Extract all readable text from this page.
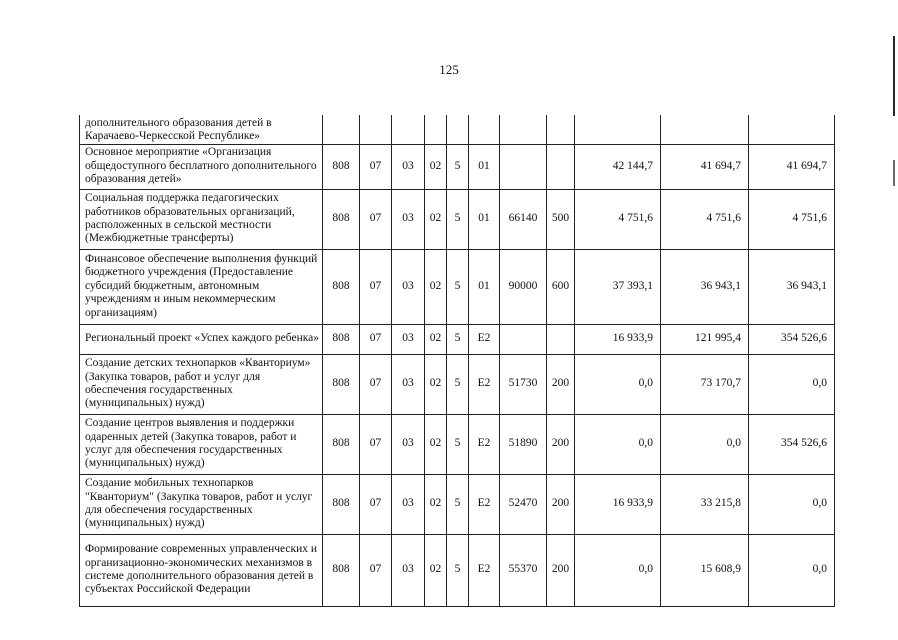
125
дополнительного образования детей в Карачаево-Черкесской Республике»											
Основное мероприятие «Организация общедоступного бесплатного дополнительного образования детей»	808	07	03	02	5	01			42 144,7	41 694,7	41 694,7
Социальная поддержка педагогических работников образовательных организаций, расположенных в сельской местности (Межбюджетные трансферты)	808	07	03	02	5	01	66140	500	4 751,6	4 751,6	4 751,6
Финансовое обеспечение выполнения функций бюджетного учреждения (Предоставление субсидий бюджетным, автономным учреждениям и иным некоммерческим организациям)	808	07	03	02	5	01	90000	600	37 393,1	36 943,1	36 943,1
Региональный проект «Успех каждого ребенка»	808	07	03	02	5	E2			16 933,9	121 995,4	354 526,6
Создание детских технопарков «Кванториум» (Закупка товаров, работ и услуг для обеспечения государственных (муниципальных) нужд)	808	07	03	02	5	E2	51730	200	0,0	73 170,7	0,0
Создание центров выявления и поддержки одаренных детей (Закупка товаров, работ и услуг для обеспечения государственных (муниципальных) нужд)	808	07	03	02	5	E2	51890	200	0,0	0,0	354 526,6
Создание мобильных технопарков "Кванториум" (Закупка товаров, работ и услуг для обеспечения государственных (муниципальных) нужд)	808	07	03	02	5	E2	52470	200	16 933,9	33 215,8	0,0
Формирование современных управленческих и организационно-экономических механизмов в системе дополнительного образования детей в субъектах Российской Федерации	808	07	03	02	5	E2	55370	200	0,0	15 608,9	0,0
